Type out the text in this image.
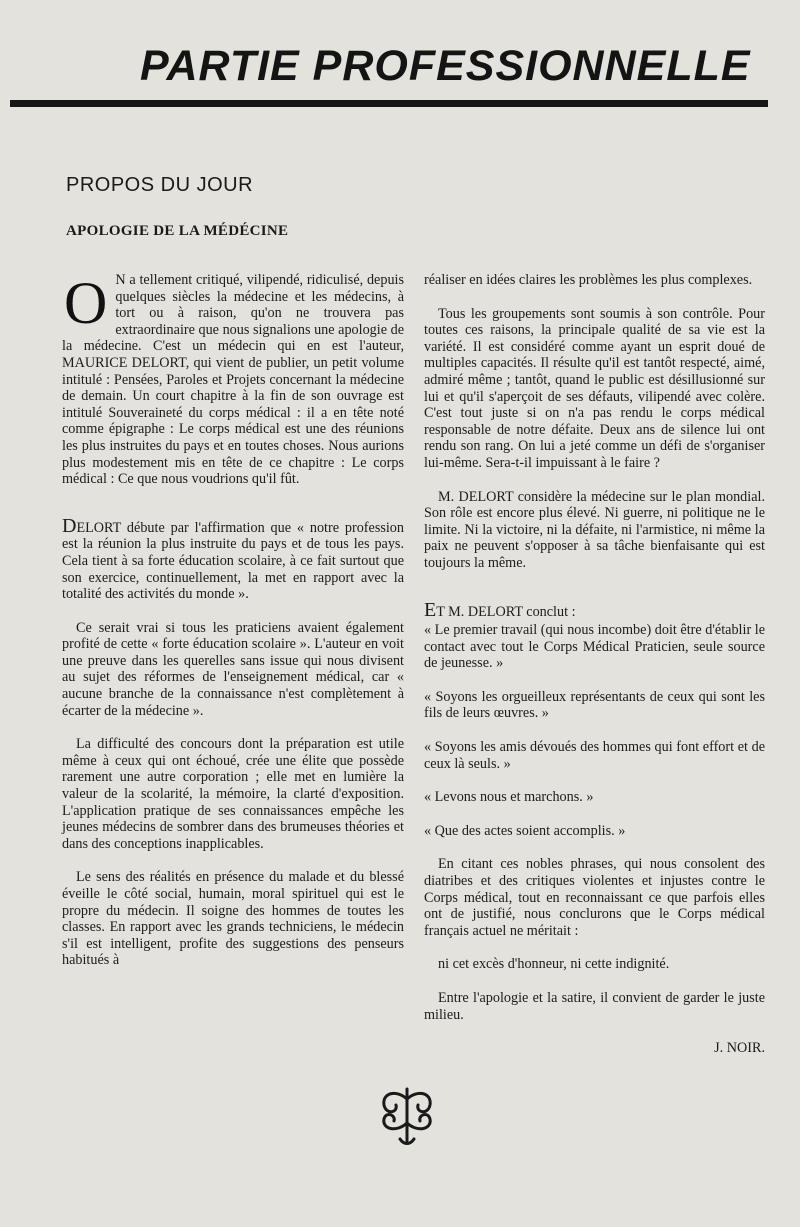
PARTIE PROFESSIONNELLE
PROPOS DU JOUR
APOLOGIE DE LA MÉDÉCINE

O N a tellement critiqué, vilipendé, ridiculisé, depuis quelques siècles la médecine et les médecins, à tort ou à raison, qu'on ne trouvera pas extraordinaire que nous signalions une apologie de la médecine. C'est un médecin qui en est l'auteur, MAURICE DELORT, qui vient de publier, un petit volume intitulé : Pensées, Paroles et Projets concernant la médecine de demain. Un court chapitre à la fin de son ouvrage est intitulé Souveraineté du corps médical : il a en tête noté comme épigraphe : Le corps médical est une des réunions les plus instruites du pays et en toutes choses. Nous aurions plus modestement mis en tête de ce chapitre : Le corps médical : Ce que nous voudrions qu'il fût.

DELORT débute par l'affirmation que « notre profession est la réunion la plus instruite du pays et de tous les pays. Cela tient à sa forte éducation scolaire, à ce fait surtout que son exercice, continuellement, la met en rapport avec la totalité des activités du monde ».

Ce serait vrai si tous les praticiens avaient également profité de cette « forte éducation scolaire ». L'auteur en voit une preuve dans les querelles sans issue qui nous divisent au sujet des réformes de l'enseignement médical, car « aucune branche de la connaissance n'est complètement à écarter de la médecine ».

La difficulté des concours dont la préparation est utile même à ceux qui ont échoué, crée une élite que possède rarement une autre corporation ; elle met en lumière la valeur de la scolarité, la mémoire, la clarté d'exposition. L'application pratique de ses connaissances empêche les jeunes médecins de sombrer dans des brumeuses théories et dans des conceptions inapplicables.

Le sens des réalités en présence du malade et du blessé éveille le côté social, humain, moral spirituel qui est le propre du médecin. Il soigne des hommes de toutes les classes. En rapport avec les grands techniciens, le médecin s'il est intelligent, profite des suggestions des penseurs habitués à

réaliser en idées claires les problèmes les plus complexes.

Tous les groupements sont soumis à son contrôle. Pour toutes ces raisons, la principale qualité de sa vie est la variété. Il est considéré comme ayant un esprit doué de multiples capacités. Il résulte qu'il est tantôt respecté, aimé, admiré même ; tantôt, quand le public est désillusionné sur lui et qu'il s'aperçoit de ses défauts, vilipendé avec colère. C'est tout juste si on n'a pas rendu le corps médical responsable de notre défaite. Deux ans de silence lui ont rendu son rang. On lui a jeté comme un défi de s'organiser lui-même. Sera-t-il impuissant à le faire ?

M. DELORT considère la médecine sur le plan mondial. Son rôle est encore plus élevé. Ni guerre, ni politique ne le limite. Ni la victoire, ni la défaite, ni l'armistice, ni même la paix ne peuvent s'opposer à sa tâche bienfaisante qui est toujours la même.

ET M. DELORT conclut :

« Le premier travail (qui nous incombe) doit être d'établir le contact avec tout le Corps Médical Praticien, seule source de jeunesse. »

« Soyons les orgueilleux représentants de ceux qui sont les fils de leurs œuvres. »

« Soyons les amis dévoués des hommes qui font effort et de ceux là seuls. »

« Levons nous et marchons. »

« Que des actes soient accomplis. »

En citant ces nobles phrases, qui nous consolent des diatribes et des critiques violentes et injustes contre le Corps médical, tout en reconnaissant ce que parfois elles ont de justifié, nous conclurons que le Corps médical français actuel ne méritait :

ni cet excès d'honneur, ni cette indignité.

Entre l'apologie et la satire, il convient de garder le juste milieu.

J. NOIR.
